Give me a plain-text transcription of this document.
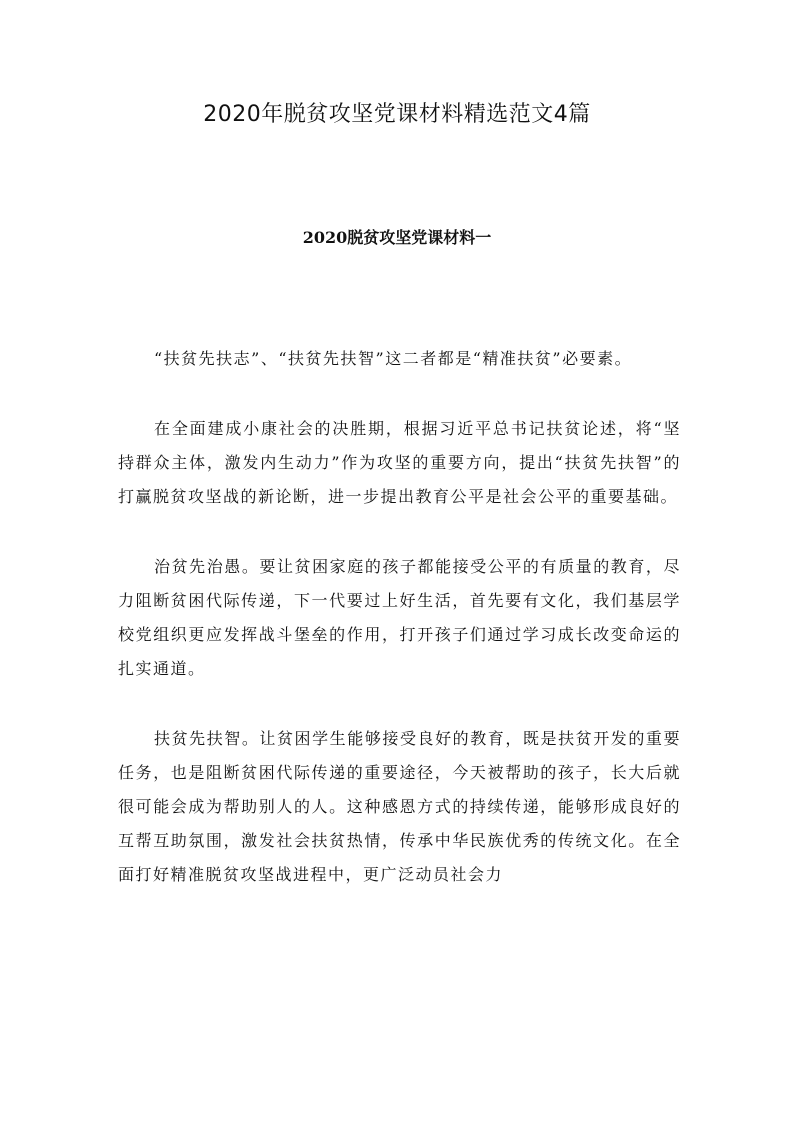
2020年脱贫攻坚党课材料精选范文4篇
2020脱贫攻坚党课材料一

“扶贫先扶志”、“扶贫先扶智”这二者都是“精准扶贫”必要素。

在全面建成小康社会的决胜期，根据习近平总书记扶贫论述，将“坚持群众主体，激发内生动力”作为攻坚的重要方向，提出“扶贫先扶智”的打赢脱贫攻坚战的新论断，进一步提出教育公平是社会公平的重要基础。

治贫先治愚。要让贫困家庭的孩子都能接受公平的有质量的教育，尽力阻断贫困代际传递，下一代要过上好生活，首先要有文化，我们基层学校党组织更应发挥战斗堡垒的作用，打开孩子们通过学习成长改变命运的扎实通道。

扶贫先扶智。让贫困学生能够接受良好的教育，既是扶贫开发的重要任务，也是阻断贫困代际传递的重要途径，今天被帮助的孩子，长大后就很可能会成为帮助别人的人。这种感恩方式的持续传递，能够形成良好的互帮互助氛围，激发社会扶贫热情，传承中华民族优秀的传统文化。在全面打好精准脱贫攻坚战进程中，更广泛动员社会力
